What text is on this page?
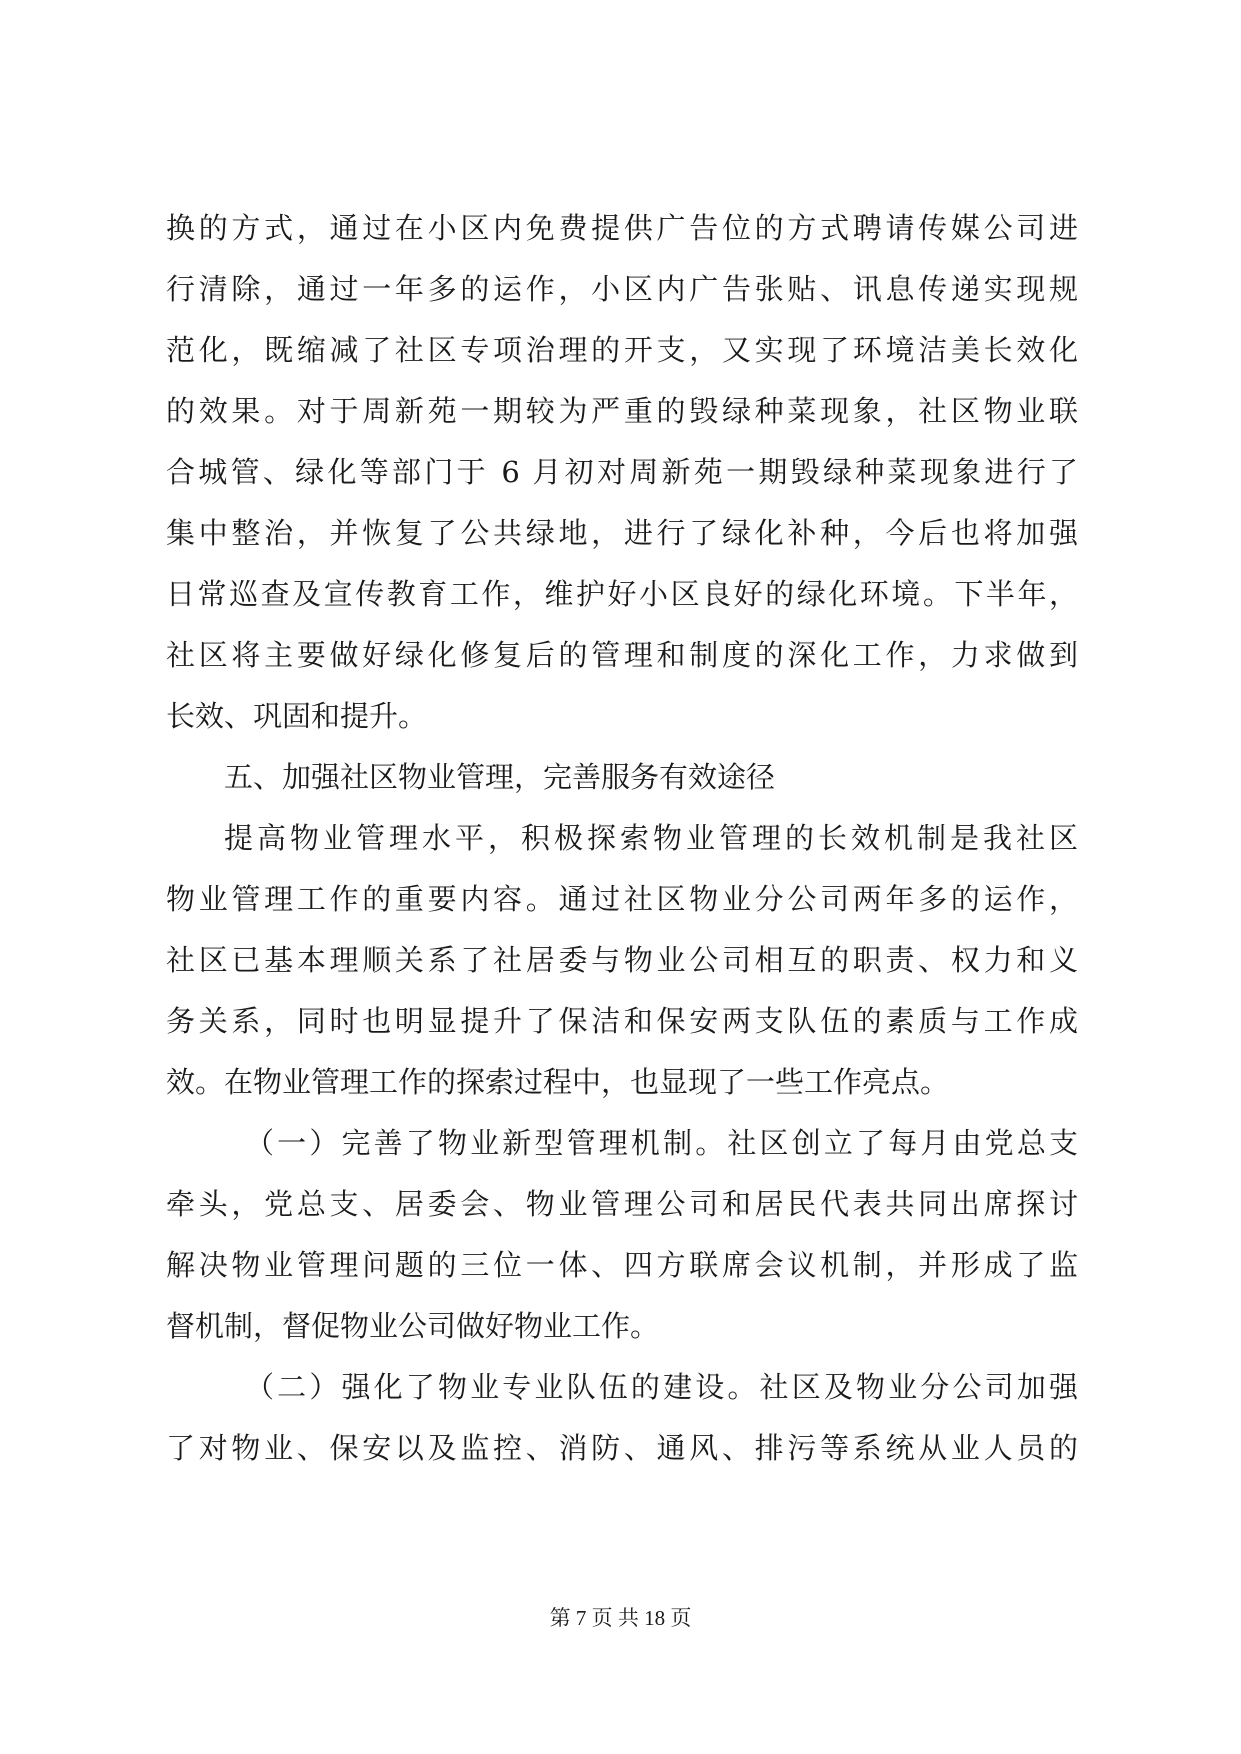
换的方式，通过在小区内免费提供广告位的方式聘请传媒公司进
行清除，通过一年多的运作，小区内广告张贴、讯息传递实现规
范化，既缩减了社区专项治理的开支，又实现了环境洁美长效化
的效果。对于周新苑一期较为严重的毁绿种菜现象，社区物业联
合城管、绿化等部门于 6 月初对周新苑一期毁绿种菜现象进行了
集中整治，并恢复了公共绿地，进行了绿化补种，今后也将加强
日常巡查及宣传教育工作，维护好小区良好的绿化环境。下半年，
社区将主要做好绿化修复后的管理和制度的深化工作，力求做到
长效、巩固和提升。
五、加强社区物业管理，完善服务有效途径
提高物业管理水平，积极探索物业管理的长效机制是我社区
物业管理工作的重要内容。通过社区物业分公司两年多的运作，
社区已基本理顺关系了社居委与物业公司相互的职责、权力和义
务关系，同时也明显提升了保洁和保安两支队伍的素质与工作成
效。在物业管理工作的探索过程中，也显现了一些工作亮点。
（一）完善了物业新型管理机制。社区创立了每月由党总支
牵头，党总支、居委会、物业管理公司和居民代表共同出席探讨
解决物业管理问题的三位一体、四方联席会议机制，并形成了监
督机制，督促物业公司做好物业工作。
（二）强化了物业专业队伍的建设。社区及物业分公司加强
了对物业、保安以及监控、消防、通风、排污等系统从业人员的
第 7 页 共 18 页
